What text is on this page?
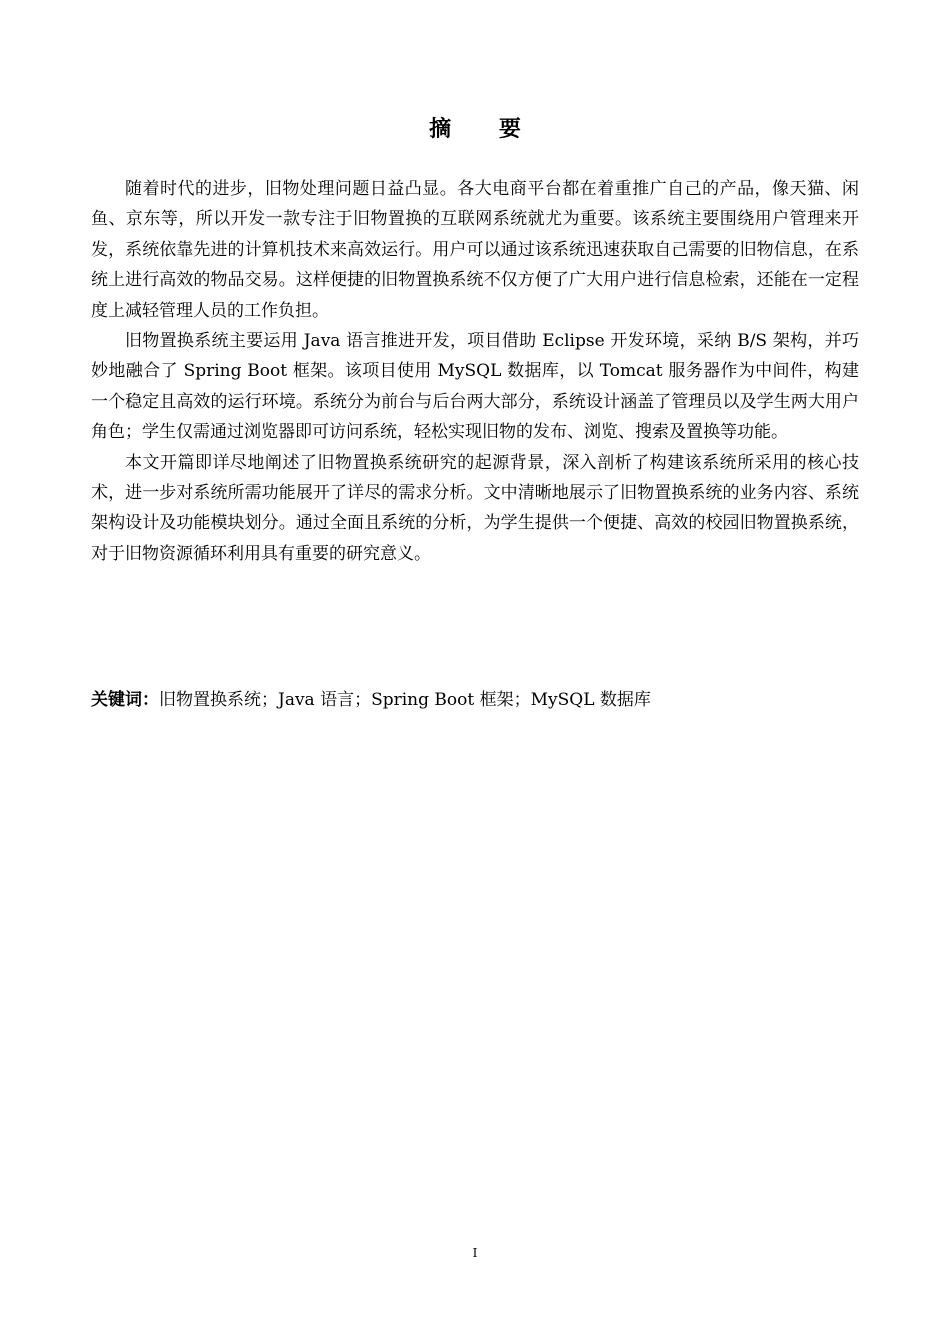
摘 要

随着时代的进步，旧物处理问题日益凸显。各大电商平台都在着重推广自己的产品，像天猫、闲鱼、京东等，所以开发一款专注于旧物置换的互联网系统就尤为重要。该系统主要围绕用户管理来开发，系统依靠先进的计算机技术来高效运行。用户可以通过该系统迅速获取自己需要的旧物信息，在系统上进行高效的物品交易。这样便捷的旧物置换系统不仅方便了广大用户进行信息检索，还能在一定程度上减轻管理人员的工作负担。

旧物置换系统主要运用 Java 语言推进开发，项目借助 Eclipse 开发环境，采纳 B/S 架构，并巧妙地融合了 Spring Boot 框架。该项目使用 MySQL 数据库，以 Tomcat 服务器作为中间件，构建一个稳定且高效的运行环境。系统分为前台与后台两大部分，系统设计涵盖了管理员以及学生两大用户角色；学生仅需通过浏览器即可访问系统，轻松实现旧物的发布、浏览、搜索及置换等功能。

本文开篇即详尽地阐述了旧物置换系统研究的起源背景，深入剖析了构建该系统所采用的核心技术，进一步对系统所需功能展开了详尽的需求分析。文中清晰地展示了旧物置换系统的业务内容、系统架构设计及功能模块划分。通过全面且系统的分析，为学生提供一个便捷、高效的校园旧物置换系统，对于旧物资源循环利用具有重要的研究意义。

关键词：旧物置换系统；Java 语言；Spring Boot 框架；MySQL 数据库
I
